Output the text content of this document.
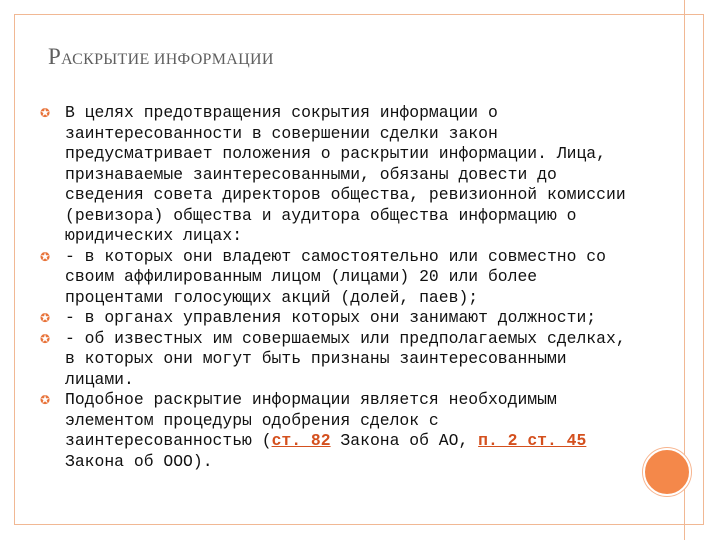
РАСКРЫТИЕ ИНФОРМАЦИИ
✪ В целях предотвращения сокрытия информации о заинтересованности в совершении сделки закон предусматривает положения о раскрытии информации. Лица, признаваемые заинтересованными, обязаны довести до сведения совета директоров общества, ревизионной комиссии (ревизора) общества и аудитора общества информацию о юридических лицах:
✪ - в которых они владеют самостоятельно или совместно со своим аффилированным лицом (лицами) 20 или более процентами голосующих акций (долей, паев);
✪ - в органах управления которых они занимают должности;
✪ - об известных им совершаемых или предполагаемых сделках, в которых они могут быть признаны заинтересованными лицами.
✪ Подобное раскрытие информации является необходимым элементом процедуры одобрения сделок с заинтересованностью (ст. 82 Закона об АО, п. 2 ст. 45 Закона об ООО).
